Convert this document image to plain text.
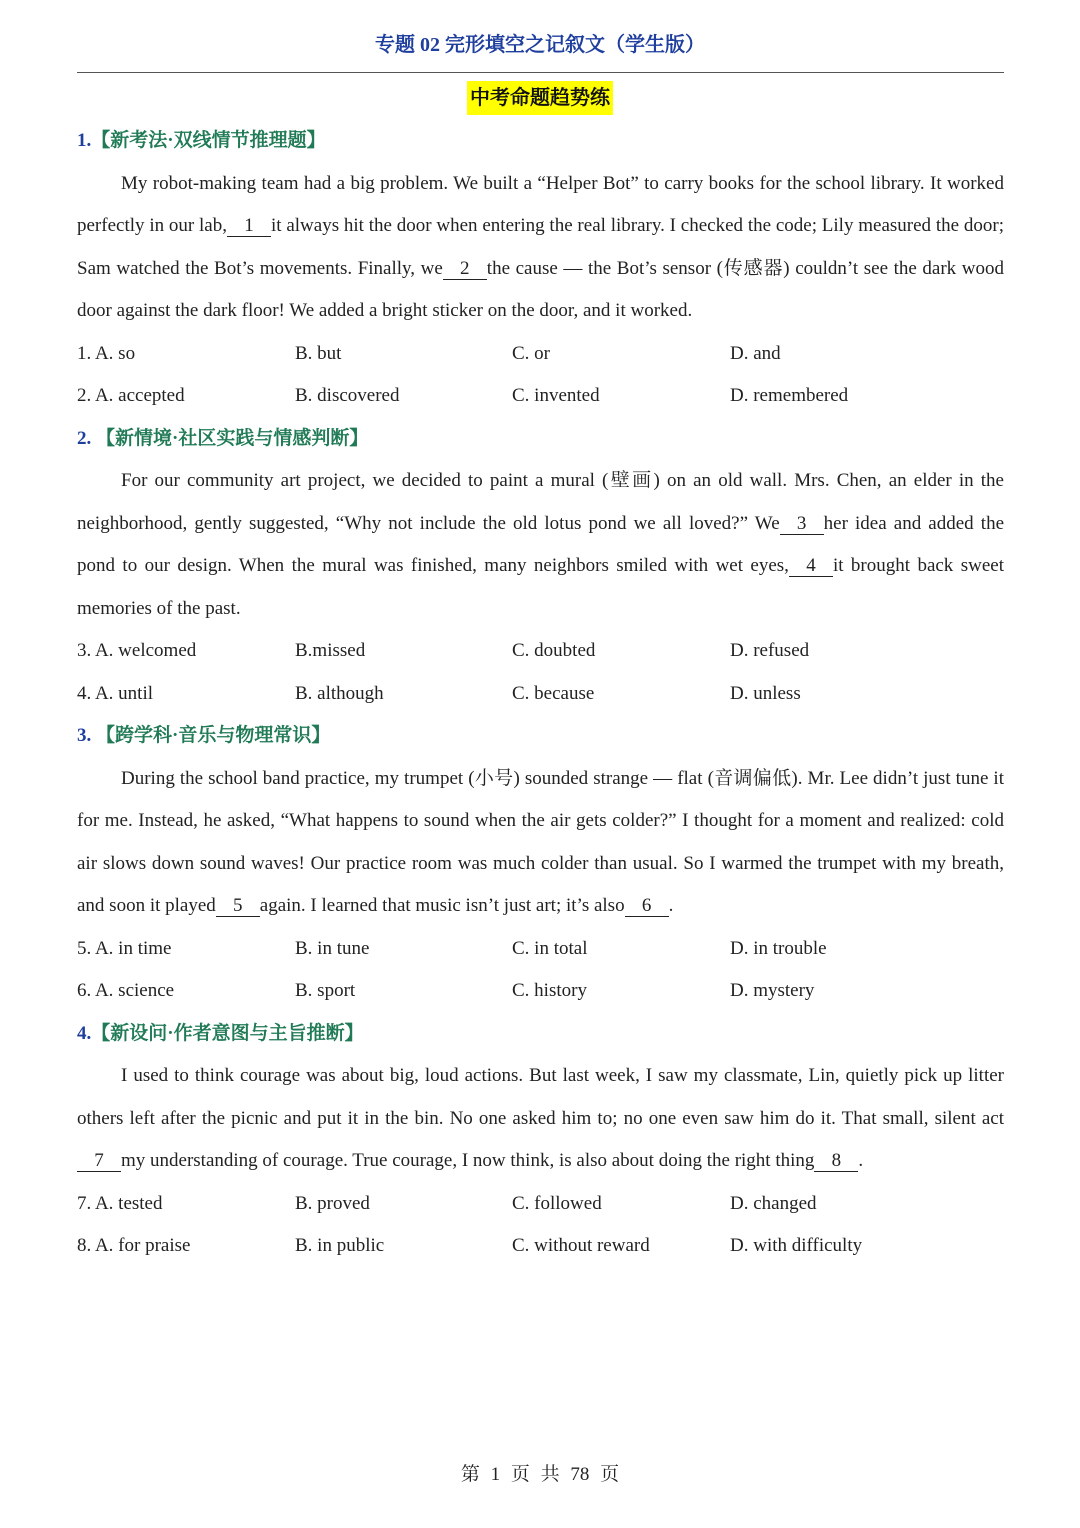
专题 02 完形填空之记叙文（学生版）
中考命题趋势练
1.【新考法·双线情节推理题】

My robot-making team had a big problem. We built a “Helper Bot” to carry books for the school library. It worked perfectly in our lab, 1 it always hit the door when entering the real library. I checked the code; Lily measured the door; Sam watched the Bot’s movements. Finally, we 2 the cause — the Bot’s sensor (传感器) couldn’t see the dark wood door against the dark floor! We added a bright sticker on the door, and it worked.

1. A. so	B. but	C. or	D. and
2. A. accepted	B. discovered	C. invented	D. remembered
2. 【新情境·社区实践与情感判断】

For our community art project, we decided to paint a mural (壁画) on an old wall. Mrs. Chen, an elder in the neighborhood, gently suggested, “Why not include the old lotus pond we all loved?” We 3 her idea and added the pond to our design. When the mural was finished, many neighbors smiled with wet eyes, 4 it brought back sweet memories of the past.

3. A. welcomed	B.missed	C. doubted	D. refused
4. A. until	B. although	C. because	D. unless
3. 【跨学科·音乐与物理常识】

During the school band practice, my trumpet (小号) sounded strange — flat (音调偏低). Mr. Lee didn’t just tune it for me. Instead, he asked, “What happens to sound when the air gets colder?” I thought for a moment and realized: cold air slows down sound waves! Our practice room was much colder than usual. So I warmed the trumpet with my breath, and soon it played 5 again. I learned that music isn’t just art; it’s also 6 .

5. A. in time	B. in tune	C. in total	D. in trouble
6. A. science	B. sport	C. history	D. mystery
4.【新设问·作者意图与主旨推断】

I used to think courage was about big, loud actions. But last week, I saw my classmate, Lin, quietly pick up litter others left after the picnic and put it in the bin. No one asked him to; no one even saw him do it. That small, silent act7 my understanding of courage. True courage, I now think, is also about doing the right thing 8 .

7. A. tested	B. proved	C. followed	D. changed
8. A. for praise	B. in public	C. without reward	D. with difficulty
第 1 页 共 78 页
